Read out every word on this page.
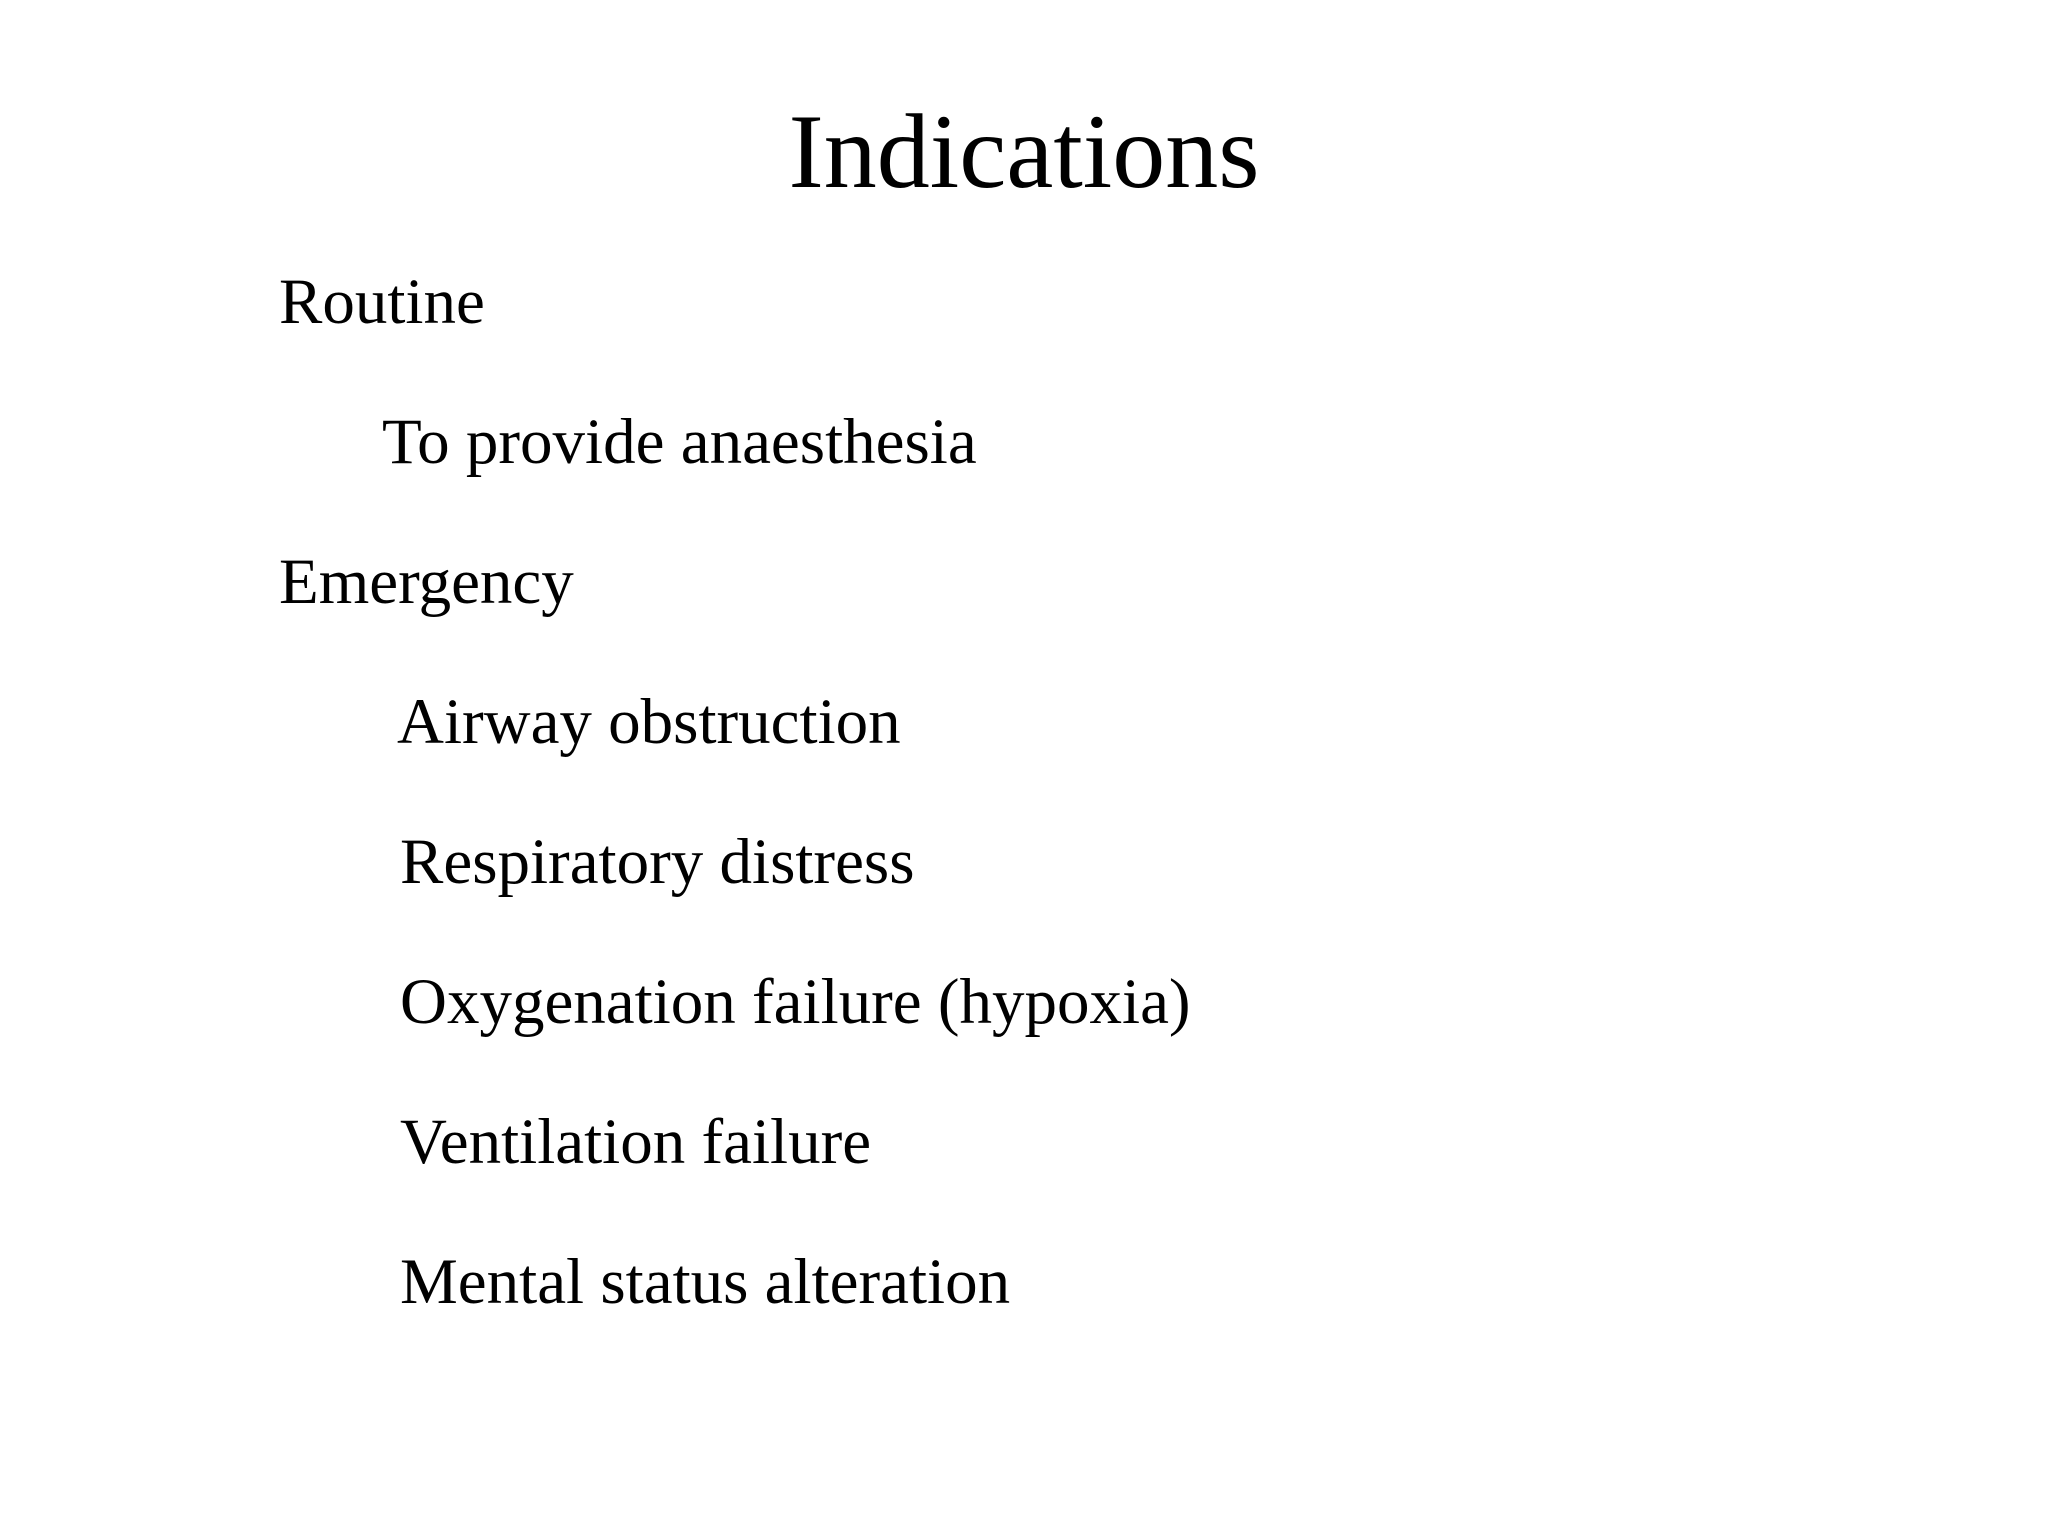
Indications
Routine
To provide anaesthesia
Emergency
Airway obstruction
Respiratory distress
Oxygenation failure (hypoxia)
Ventilation failure
Mental status alteration
